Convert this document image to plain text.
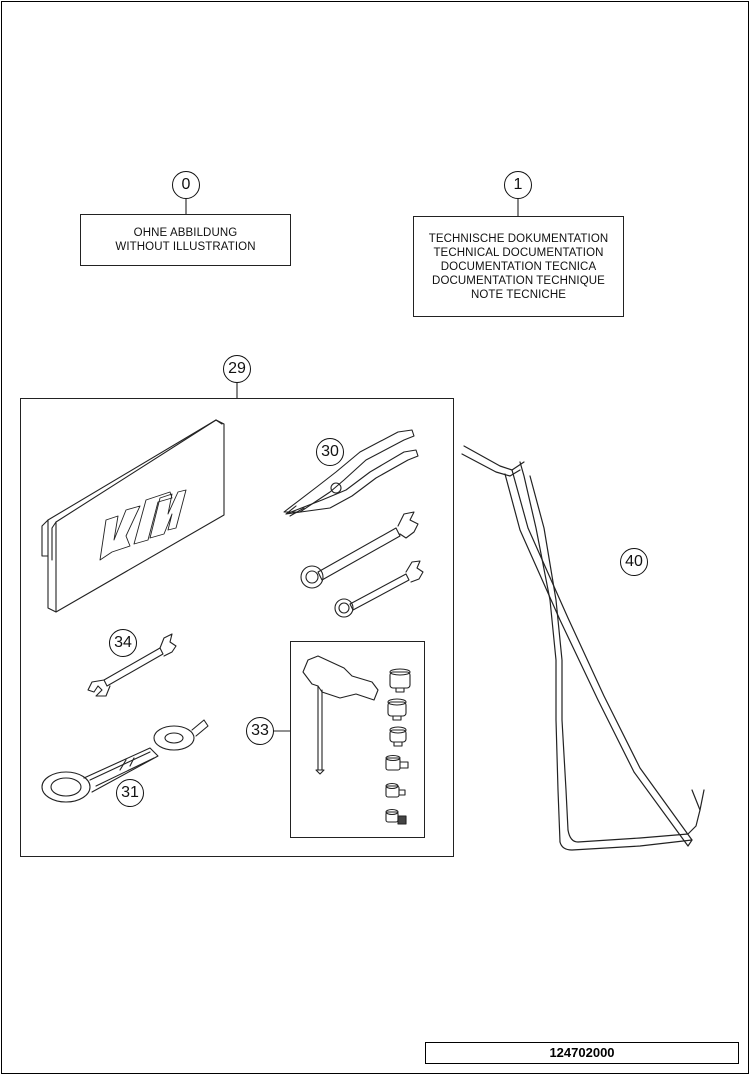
0
OHNE ABBILDUNG
WITHOUT ILLUSTRATION
1
TECHNISCHE DOKUMENTATION
TECHNICAL DOCUMENTATION
DOCUMENTATION TECNICA
DOCUMENTATION TECHNIQUE
NOTE TECNICHE
KTM
29
30
34
33
31
40
124702000
